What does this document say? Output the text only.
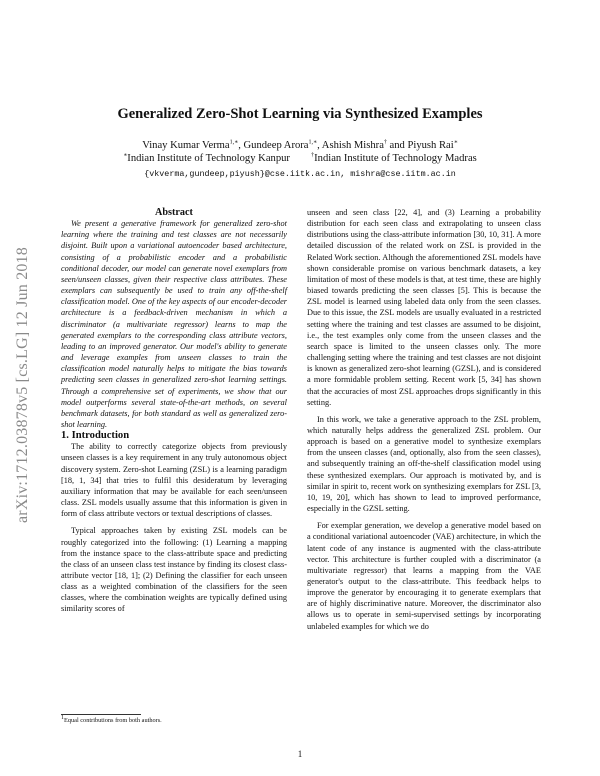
arXiv:1712.03878v5 [cs.LG] 12 Jun 2018
Generalized Zero-Shot Learning via Synthesized Examples
Vinay Kumar Verma$^{1,∗}$, Gundeep Arora$^{1,∗}$, Ashish Mishra† and Piyush Rai∗
∗Indian Institute of Technology Kanpur	†Indian Institute of Technology Madras
{vkverma,gundeep,piyush}@cse.iitk.ac.in, mishra@cse.iitm.ac.in

Abstract

We present a generative framework for generalized zero-shot learning where the training and test classes are not necessarily disjoint. Built upon a variational autoencoder based architecture, consisting of a probabilistic encoder and a probabilistic conditional decoder, our model can generate novel exemplars from seen/unseen classes, given their respective class attributes. These exemplars can subsequently be used to train any off-the-shelf classification model. One of the key aspects of our encoder-decoder architecture is a feedback-driven mechanism in which a discriminator (a multivariate regressor) learns to map the generated exemplars to the corresponding class attribute vectors, leading to an improved generator. Our model's ability to generate and leverage examples from unseen classes to train the classification model naturally helps to mitigate the bias towards predicting seen classes in generalized zero-shot learning settings. Through a comprehensive set of experiments, we show that our model outperforms several state-of-the-art methods, on several benchmark datasets, for both standard as well as generalized zero-shot learning.

1. Introduction

The ability to correctly categorize objects from previously unseen classes is a key requirement in any truly autonomous object discovery system. Zero-shot Learning (ZSL) is a learning paradigm [18, 1, 34] that tries to fulfil this desideratum by leveraging auxiliary information that may be available for each seen/unseen class. ZSL models usually assume that this information is given in form of class attribute vectors or textual descriptions of classes.

Typical approaches taken by existing ZSL models can be roughly categorized into the following: (1) Learning a mapping from the instance space to the class-attribute space and predicting the class of an unseen class test instance by finding its closest class-attribute vector [18, 1]; (2) Defining the classifier for each unseen class as a weighted combination of the classifiers for the seen classes, where the combination weights are typically defined using similarity scores of

unseen and seen class [22, 4], and (3) Learning a probability distribution for each seen class and extrapolating to unseen class distributions using the class-attribute information [30, 10, 31]. A more detailed discussion of the related work on ZSL is provided in the Related Work section. Although the aforementioned ZSL models have shown considerable promise on various benchmark datasets, a key limitation of most of these models is that, at test time, these are highly biased towards predicting the seen classes [5]. This is because the ZSL model is learned using labeled data only from the seen classes. Due to this issue, the ZSL models are usually evaluated in a restricted setting where the training and test classes are assumed to be disjoint, i.e., the test examples only come from the unseen classes and the search space is limited to the unseen classes only. The more challenging setting where the training and test classes are not disjoint is known as generalized zero-shot learning (GZSL), and is considered a more formidable problem setting. Recent work [5, 34] has shown that the accuracies of most ZSL approaches drops significantly in this setting.

In this work, we take a generative approach to the ZSL problem, which naturally helps address the generalized ZSL problem. Our approach is based on a generative model to synthesize exemplars from the unseen classes (and, optionally, also from the seen classes), and subsequently training an off-the-shelf classification model using these synthesized exemplars. Our approach is motivated by, and is similar in spirit to, recent work on synthesizing exemplars for ZSL [3, 10, 19, 20], which has shown to lead to improved performance, especially in the GZSL setting.

For exemplar generation, we develop a generative model based on a conditional variational autoencoder (VAE) architecture, in which the latent code of any instance is augmented with the class-attribute vector. This architecture is further coupled with a discriminator (a multivariate regressor) that learns a mapping from the VAE generator's output to the class-attribute. This feedback helps to improve the generator by encouraging it to generate exemplars that are of highly discriminative nature. Moreover, the discriminator also allows us to operate in semi-supervised settings by incorporating unlabeled examples for which we do

$^1$Equal contributions from both authors.
1
